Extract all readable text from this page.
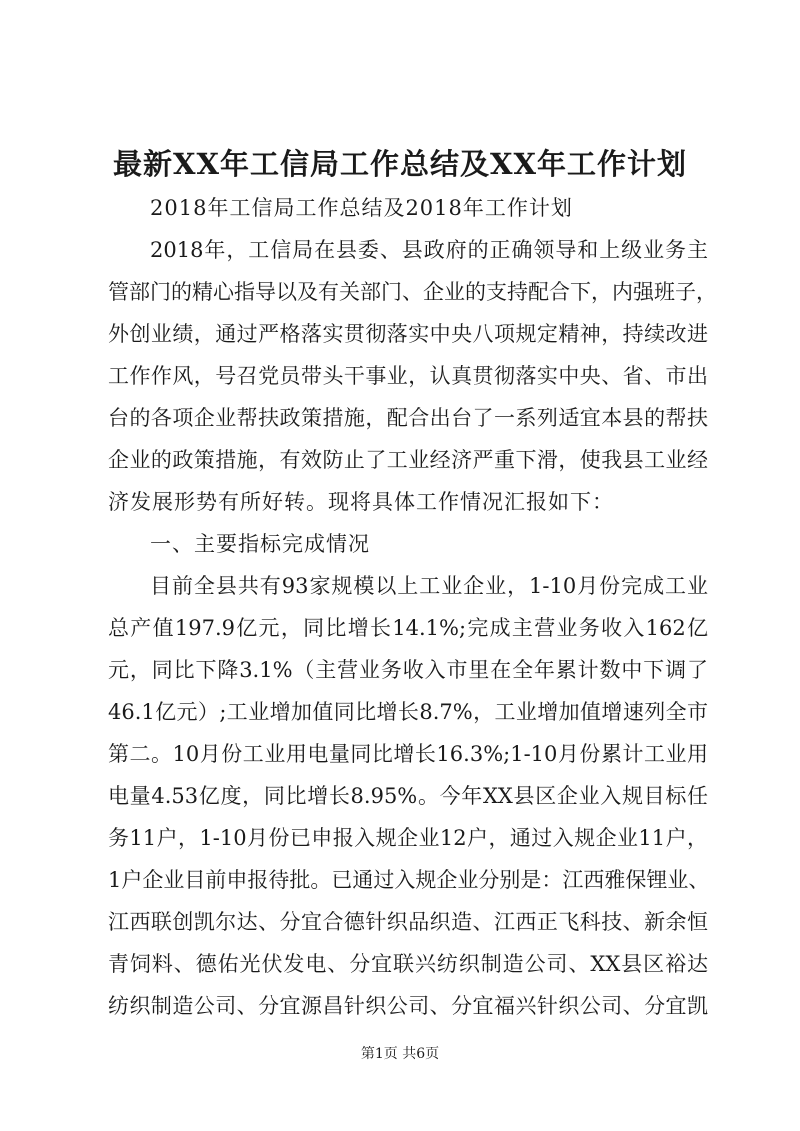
最新XX年工信局工作总结及XX年工作计划
2018年工信局工作总结及2018年工作计划
2018年，工信局在县委、县政府的正确领导和上级业务主
管部门的精心指导以及有关部门、企业的支持配合下，内强班子，
外创业绩，通过严格落实贯彻落实中央八项规定精神，持续改进
工作作风，号召党员带头干事业，认真贯彻落实中央、省、市出
台的各项企业帮扶政策措施，配合出台了一系列适宜本县的帮扶
企业的政策措施，有效防止了工业经济严重下滑，使我县工业经
济发展形势有所好转。现将具体工作情况汇报如下：
一、主要指标完成情况
目前全县共有93家规模以上工业企业，1-10月份完成工业
总产值197.9亿元，同比增长14.1%;完成主营业务收入162亿
元，同比下降3.1%（主营业务收入市里在全年累计数中下调了
46.1亿元）;工业增加值同比增长8.7%，工业增加值增速列全市
第二。10月份工业用电量同比增长16.3%;1-10月份累计工业用
电量4.53亿度，同比增长8.95%。今年XX县区企业入规目标任
务11户，1-10月份已申报入规企业12户，通过入规企业11户，
1户企业目前申报待批。已通过入规企业分别是：江西雅保锂业、
江西联创凯尔达、分宜合德针织品织造、江西正飞科技、新余恒
青饲料、德佑光伏发电、分宜联兴纺织制造公司、XX县区裕达
纺织制造公司、分宜源昌针织公司、分宜福兴针织公司、分宜凯
第1页 共6页
